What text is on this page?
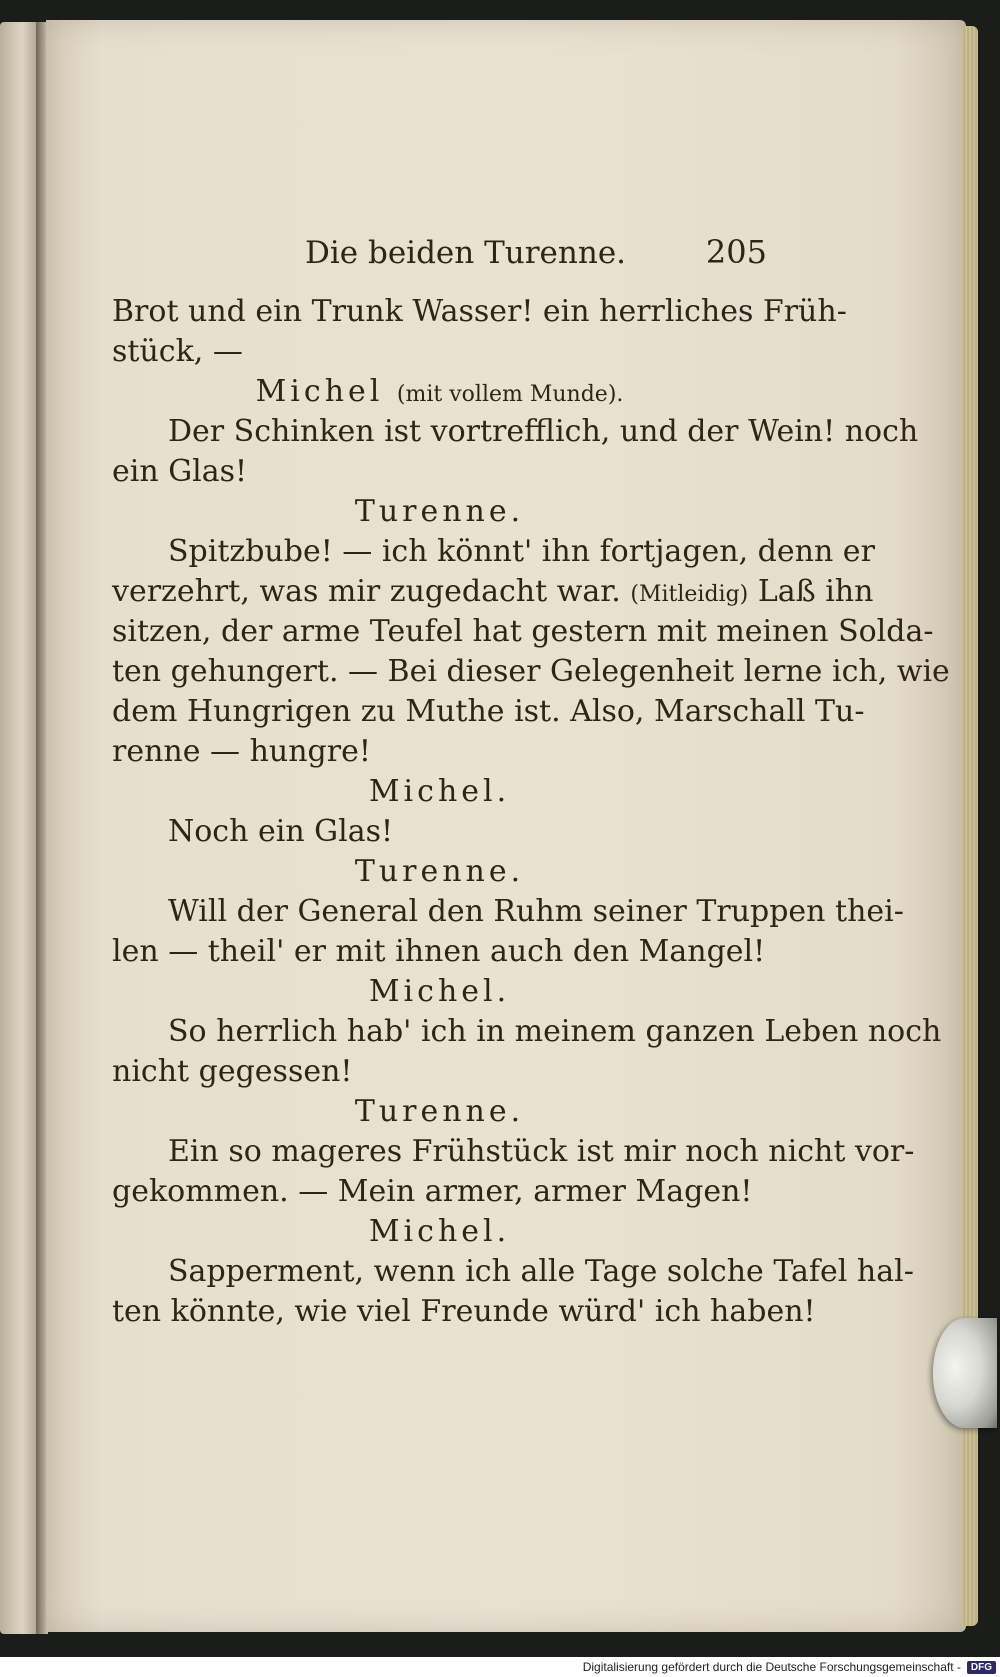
Die beiden Turenne.	205
Brot und ein Trunk Wasser! ein herrliches Früh-
stück, —
Michel (mit vollem Munde).
Der Schinken ist vortrefflich, und der Wein! noch
ein Glas!
Turenne.
Spitzbube! — ich könnt' ihn fortjagen, denn er
verzehrt, was mir zugedacht war. (Mitleidig) Laß ihn
sitzen, der arme Teufel hat gestern mit meinen Solda-
ten gehungert. — Bei dieser Gelegenheit lerne ich, wie
dem Hungrigen zu Muthe ist. Also, Marschall Tu-
renne — hungre!
Michel.
Noch ein Glas!
Turenne.
Will der General den Ruhm seiner Truppen thei-
len — theil' er mit ihnen auch den Mangel!
Michel.
So herrlich hab' ich in meinem ganzen Leben noch
nicht gegessen!
Turenne.
Ein so mageres Frühstück ist mir noch nicht vor-
gekommen. — Mein armer, armer Magen!
Michel.
Sapperment, wenn ich alle Tage solche Tafel hal-
ten könnte, wie viel Freunde würd' ich haben!
Digitalisierung gefördert durch die Deutsche Forschungsgemeinschaft -	DFG
